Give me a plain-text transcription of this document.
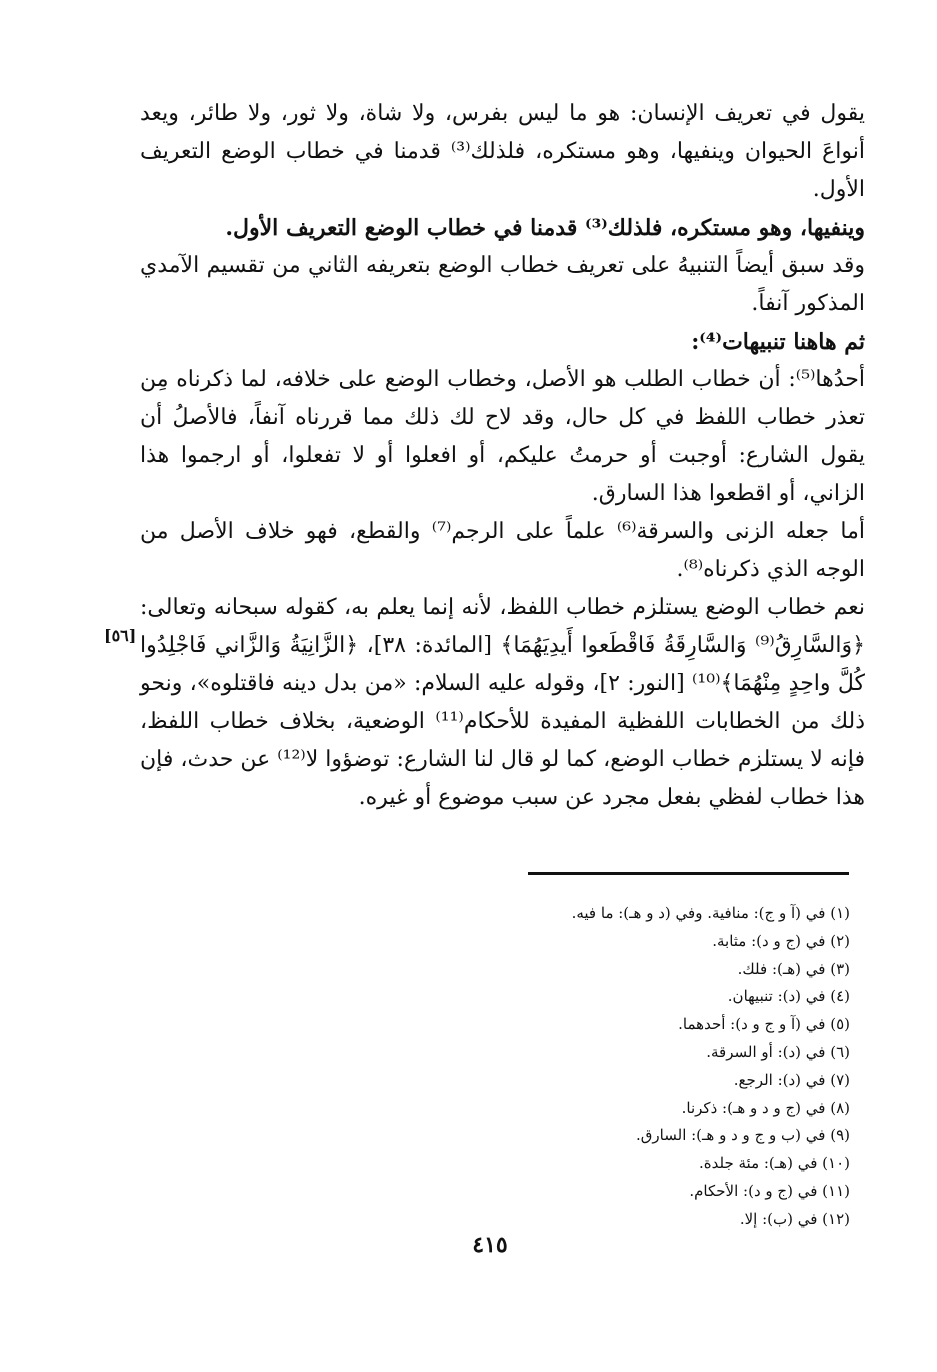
يقول في تعريف الإنسان: هو ما ليس بفرس، ولا شاة، ولا ثور، ولا طائر، ويعد أنواعَ الحيوان وينفيها، وهو مستكره، فلذلك⁽³⁾ قدمنا في خطاب الوضع التعريف الأول.

وينفيها، وهو مستكره، فلذلك⁽³⁾ قدمنا في خطاب الوضع التعريف الأول.

وقد سبق أيضاً التنبيهُ على تعريف خطاب الوضع بتعريفه الثاني من تقسيم الآمدي المذكور آنفاً.

ثم هاهنا تنبيهات⁽⁴⁾:

أحدُها⁽⁵⁾: أن خطاب الطلب هو الأصل، وخطاب الوضع على خلافه، لما ذكرناه مِن تعذر خطاب اللفظ في كل حال، وقد لاح لك ذلك مما قررناه آنفاً، فالأصلُ أن يقول الشارع: أوجبت أو حرمتُ عليكم، أو افعلوا أو لا تفعلوا، أو ارجموا هذا الزاني، أو اقطعوا هذا السارق.

أما جعله الزنى والسرقة⁽⁶⁾ علماً على الرجم⁽⁷⁾ والقطع، فهو خلاف الأصل من الوجه الذي ذكرناه⁽⁸⁾.

نعم خطاب الوضع يستلزم خطاب اللفظ، لأنه إنما يعلم به، كقوله سبحانه وتعالى: ﴿وَالسَّارِقُ⁽⁹⁾ وَالسَّارِقَةُ فَاقْطَعوا أَيدِيَهُمَا﴾ [المائدة: ٣٨]، ﴿الزَّانِيَةُ وَالزَّاني فَاجْلِدُوا كُلَّ واحِدٍ مِنْهُمَا﴾⁽¹⁰⁾ [النور: ٢]، وقوله عليه السلام: «من بدل دينه فاقتلوه»، ونحو ذلك من الخطابات اللفظية المفيدة للأحكام⁽¹¹⁾ الوضعية، بخلاف خطاب اللفظ، فإنه لا يستلزم خطاب الوضع، كما لو قال لنا الشارع: توضؤوا لا⁽¹²⁾ عن حدث، فإن هذا خطاب لفظي بفعل مجرد عن سبب موضوع أو غيره.

[٥٦]
(١) في (آ و ج): منافية. وفي (د و هـ): ما فيه.
(٢) في (ج و د): مثابة.
(٣) في (هـ): فلك.
(٤) في (د): تنبيهان.
(٥) في (آ و ج و د): أحدهما.
(٦) في (د): أو السرقة.
(٧) في (د): الرجع.
(٨) في (ج و د و هـ): ذكرنا.
(٩) في (ب و ج و د و هـ): السارق.
(١٠) في (هـ): مئة جلدة.
(١١) في (ج و د): الأحكام.
(١٢) في (ب): إلا.
٤١٥
